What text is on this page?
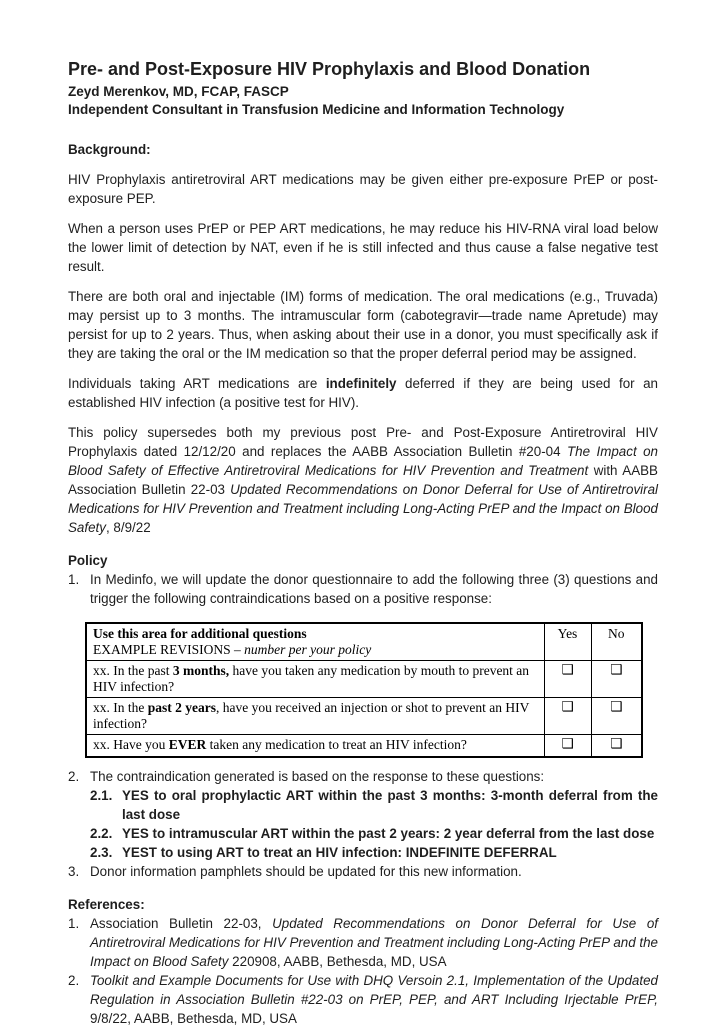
Pre- and Post-Exposure HIV Prophylaxis and Blood Donation

Zeyd Merenkov, MD, FCAP, FASCP

Independent Consultant in Transfusion Medicine and Information Technology

Background:

HIV Prophylaxis antiretroviral ART medications may be given either pre-exposure PrEP or post-exposure PEP.

When a person uses PrEP or PEP ART medications, he may reduce his HIV-RNA viral load below the lower limit of detection by NAT, even if he is still infected and thus cause a false negative test result.

There are both oral and injectable (IM) forms of medication. The oral medications (e.g., Truvada) may persist up to 3 months. The intramuscular form (cabotegravir—trade name Apretude) may persist for up to 2 years. Thus, when asking about their use in a donor, you must specifically ask if they are taking the oral or the IM medication so that the proper deferral period may be assigned.

Individuals taking ART medications are indefinitely deferred if they are being used for an established HIV infection (a positive test for HIV).

This policy supersedes both my previous post Pre- and Post-Exposure Antiretroviral HIV Prophylaxis dated 12/12/20 and replaces the AABB Association Bulletin #20-04 The Impact on Blood Safety of Effective Antiretroviral Medications for HIV Prevention and Treatment with AABB Association Bulletin 22-03 Updated Recommendations on Donor Deferral for Use of Antiretroviral Medications for HIV Prevention and Treatment including Long-Acting PrEP and the Impact on Blood Safety, 8/9/22

Policy
1. In Medinfo, we will update the donor questionnaire to add the following three (3) questions and trigger the following contraindications based on a positive response:
Use this area for additional questions
EXAMPLE REVISIONS – number per your policy	Yes	No
xx. In the past 3 months, have you taken any medication by mouth to prevent an HIV infection?	❑	❑
xx. In the past 2 years, have you received an injection or shot to prevent an HIV infection?	❑	❑
xx. Have you EVER taken any medication to treat an HIV infection?	❑	❑
2. The contraindication generated is based on the response to these questions:
2.1. YES to oral prophylactic ART within the past 3 months: 3-month deferral from the last dose
2.2. YES to intramuscular ART within the past 2 years: 2 year deferral from the last dose
2.3. YEST to using ART to treat an HIV infection: INDEFINITE DEFERRAL
3. Donor information pamphlets should be updated for this new information.
References:
1. Association Bulletin 22-03, Updated Recommendations on Donor Deferral for Use of Antiretroviral Medications for HIV Prevention and Treatment including Long-Acting PrEP and the Impact on Blood Safety 220908, AABB, Bethesda, MD, USA
2. Toolkit and Example Documents for Use with DHQ Versoin 2.1, Implementation of the Updated Regulation in Association Bulletin #22-03 on PrEP, PEP, and ART Including Irjectable PrEP, 9/8/22, AABB, Bethesda, MD, USA
